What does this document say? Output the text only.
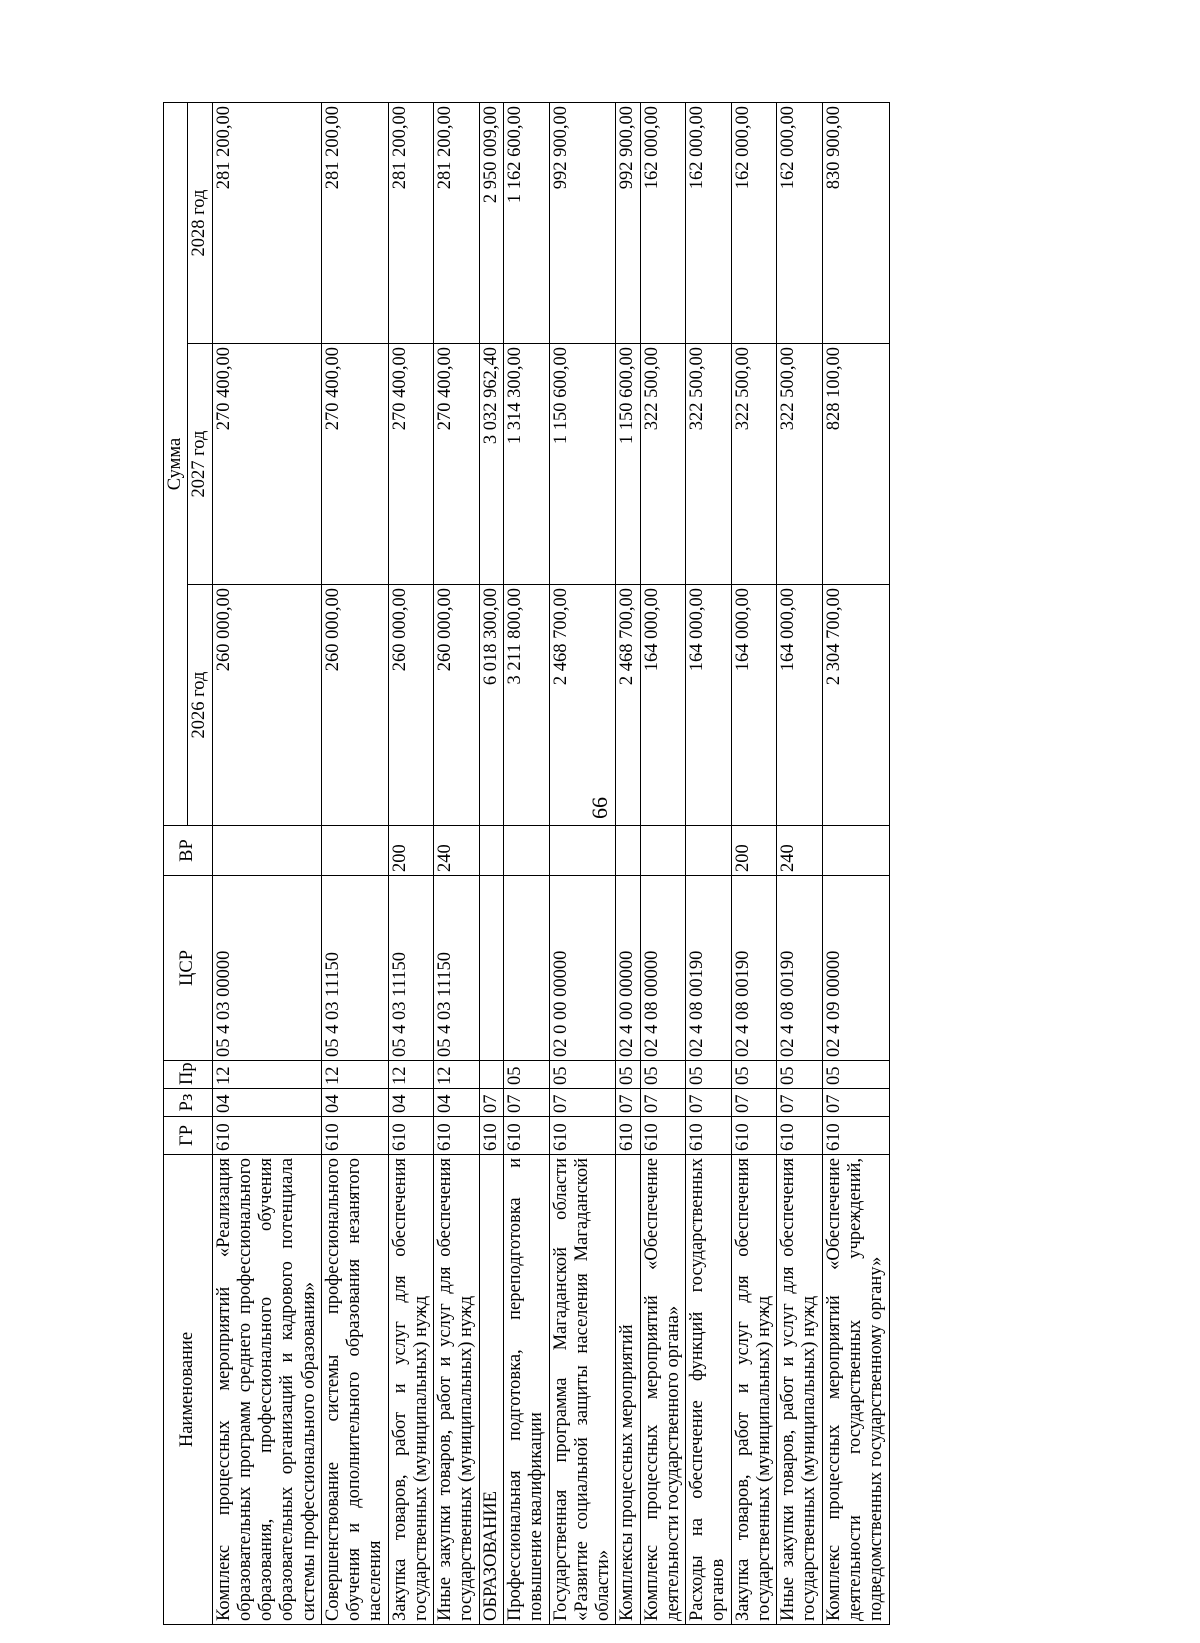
66
Наименование	ГР	Рз	Пр	ЦСР	ВР	Сумма		
						2026 год	2027 год	2028 год
Комплекс процессных мероприятий «Реализация образовательных программ среднего профессионального образования, профессионального обучения образовательных организаций и кадрового потенциала системы профессионального образования»	610	04	12	05 4 03 00000		260 000,00	270 400,00	281 200,00
Совершенствование системы профессионального обучения и дополнительного образования незанятого населения	610	04	12	05 4 03 11150		260 000,00	270 400,00	281 200,00
Закупка товаров, работ и услуг для обеспечения государственных (муниципальных) нужд	610	04	12	05 4 03 11150	200	260 000,00	270 400,00	281 200,00
Иные закупки товаров, работ и услуг для обеспечения государственных (муниципальных) нужд	610	04	12	05 4 03 11150	240	260 000,00	270 400,00	281 200,00
ОБРАЗОВАНИЕ	610	07				6 018 300,00	3 032 962,40	2 950 009,00
Профессиональная подготовка, переподготовка и повышение квалификации	610	07	05			3 211 800,00	1 314 300,00	1 162 600,00
Государственная программа Магаданской области «Развитие социальной защиты населения Магаданской области»	610	07	05	02 0 00 00000		2 468 700,00	1 150 600,00	992 900,00
Комплексы процессных мероприятий	610	07	05	02 4 00 00000		2 468 700,00	1 150 600,00	992 900,00
Комплекс процессных мероприятий «Обеспечение деятельности государственного органа»	610	07	05	02 4 08 00000		164 000,00	322 500,00	162 000,00
Расходы на обеспечение функций государственных органов	610	07	05	02 4 08 00190		164 000,00	322 500,00	162 000,00
Закупка товаров, работ и услуг для обеспечения государственных (муниципальных) нужд	610	07	05	02 4 08 00190	200	164 000,00	322 500,00	162 000,00
Иные закупки товаров, работ и услуг для обеспечения государственных (муниципальных) нужд	610	07	05	02 4 08 00190	240	164 000,00	322 500,00	162 000,00
Комплекс процессных мероприятий «Обеспечение деятельности государственных учреждений, подведомственных государственному органу»	610	07	05	02 4 09 00000		2 304 700,00	828 100,00	830 900,00
